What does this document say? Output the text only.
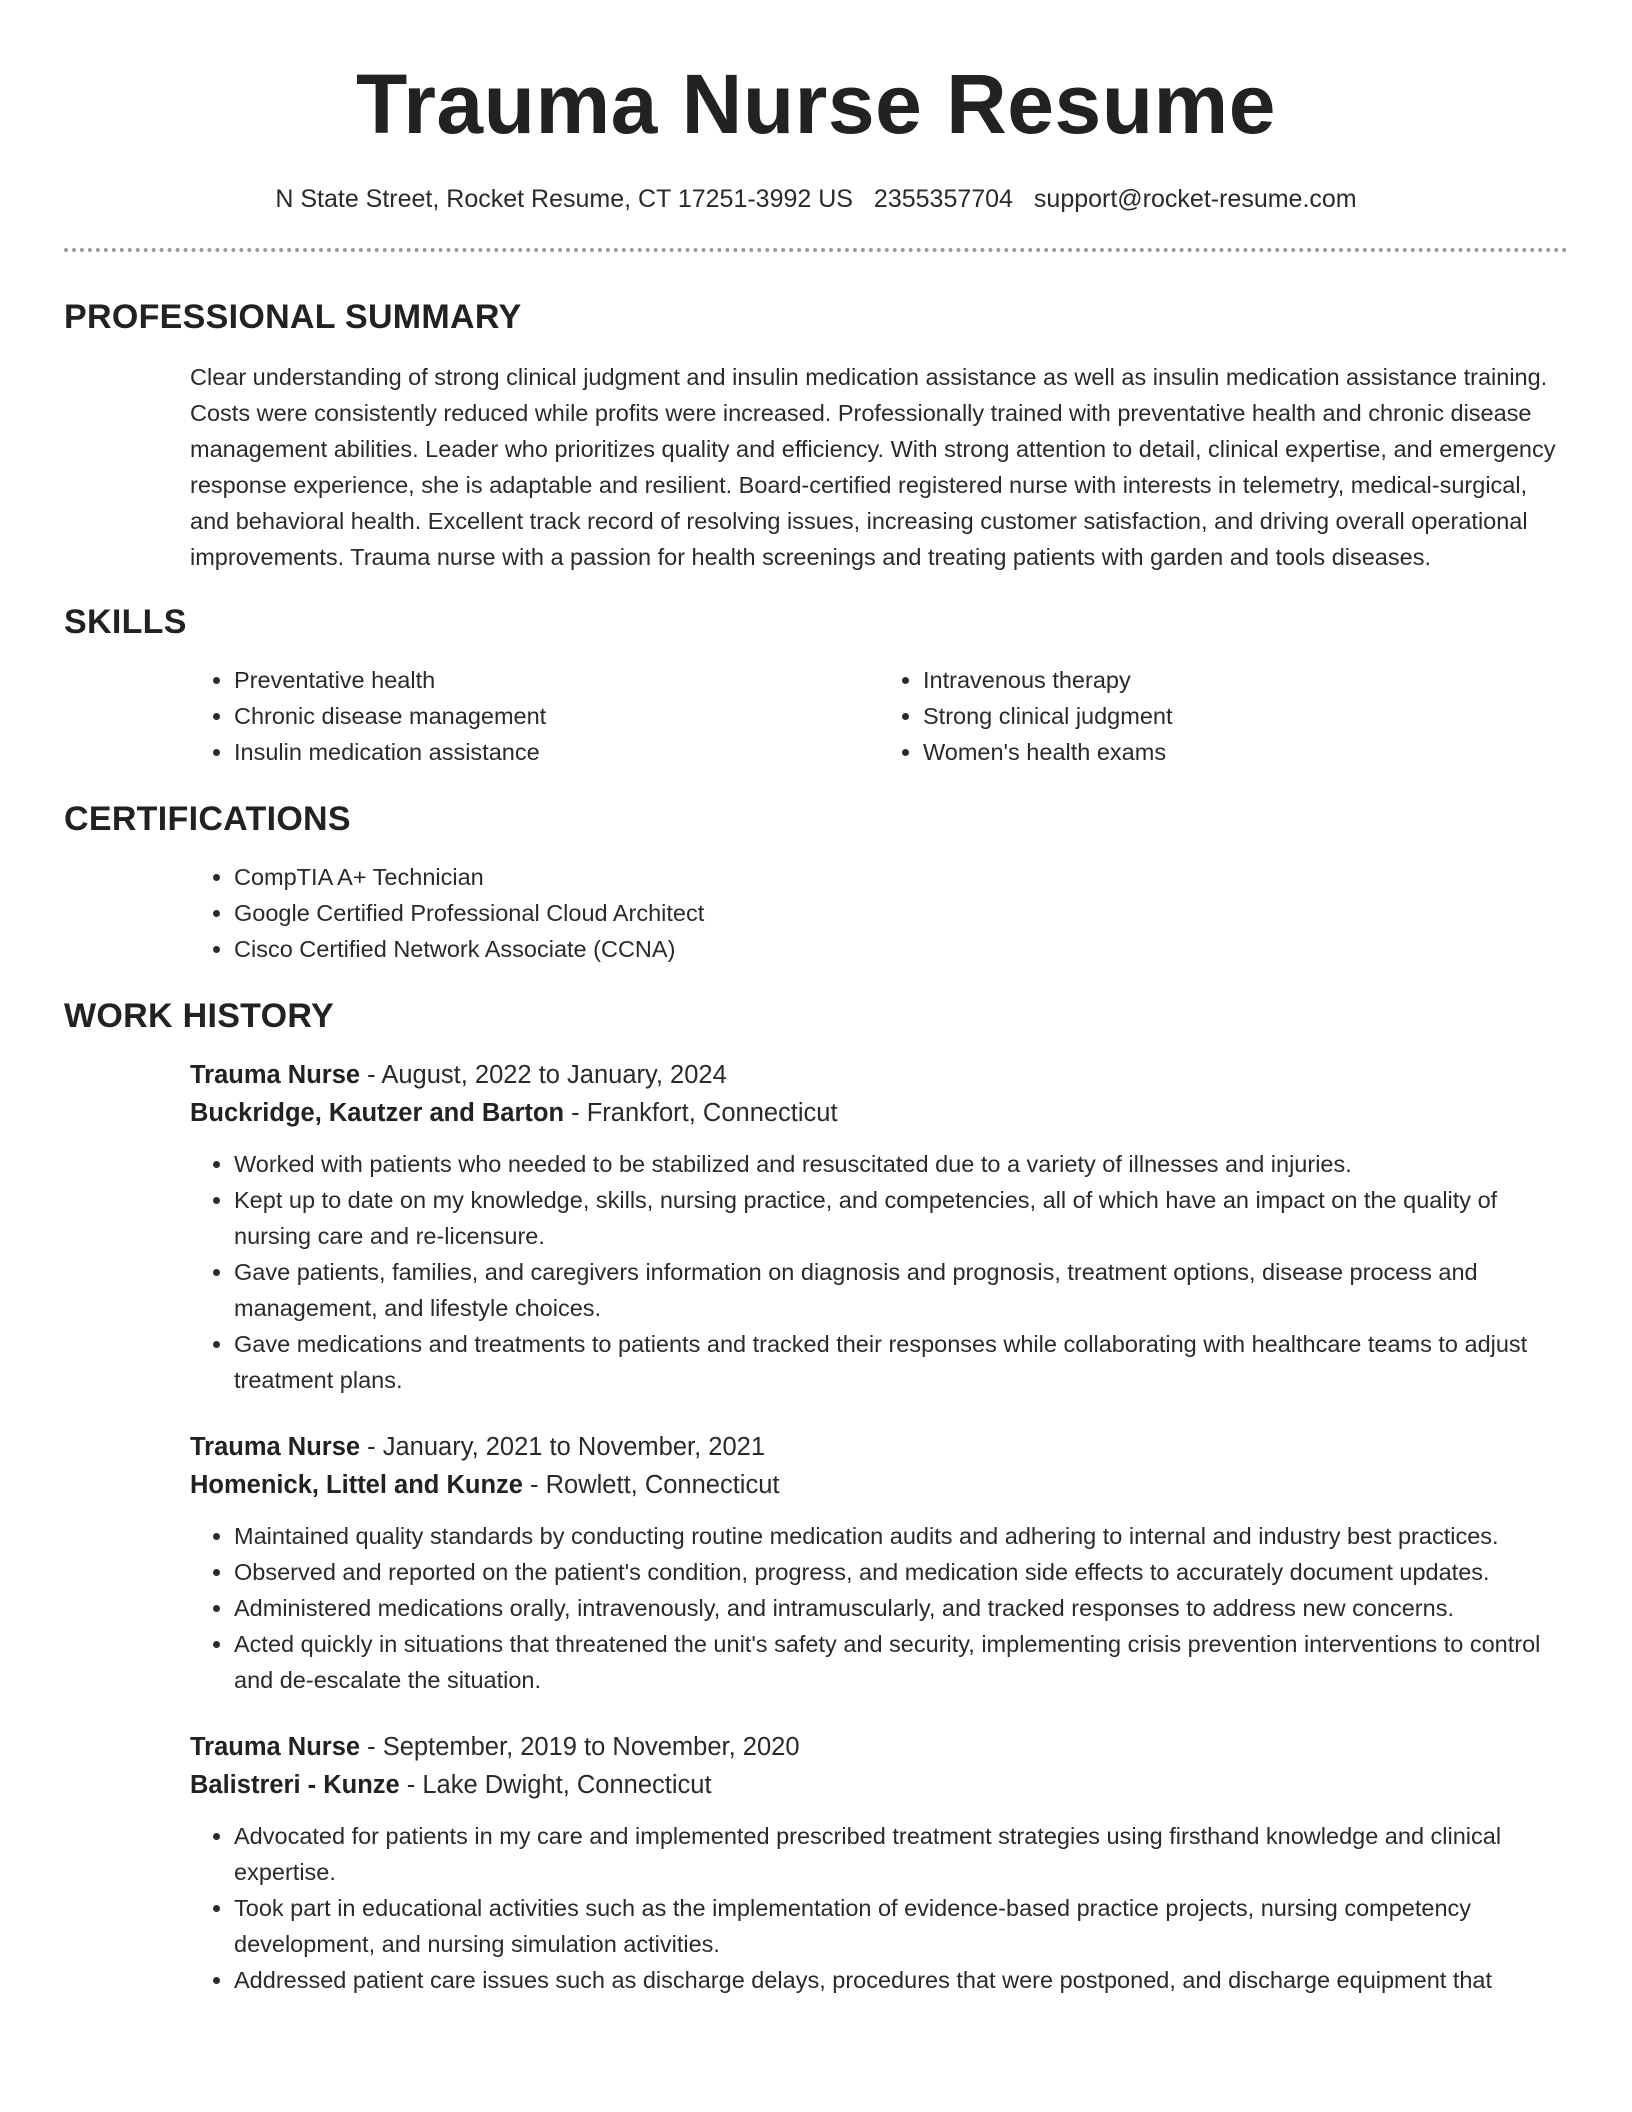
Trauma Nurse Resume
N State Street, Rocket Resume, CT 17251-3992 US 2355357704 support@rocket-resume.com
PROFESSIONAL SUMMARY

Clear understanding of strong clinical judgment and insulin medication assistance as well as insulin medication assistance training. Costs were consistently reduced while profits were increased. Professionally trained with preventative health and chronic disease management abilities. Leader who prioritizes quality and efficiency. With strong attention to detail, clinical expertise, and emergency response experience, she is adaptable and resilient. Board-certified registered nurse with interests in telemetry, medical-surgical, and behavioral health. Excellent track record of resolving issues, increasing customer satisfaction, and driving overall operational improvements. Trauma nurse with a passion for health screenings and treating patients with garden and tools diseases.

SKILLS
• Preventative health
• Chronic disease management
• Insulin medication assistance
• Intravenous therapy
• Strong clinical judgment
• Women's health exams
CERTIFICATIONS
• CompTIA A+ Technician
• Google Certified Professional Cloud Architect
• Cisco Certified Network Associate (CCNA)
WORK HISTORY
Trauma Nurse - August, 2022 to January, 2024
Buckridge, Kautzer and Barton - Frankfort, Connecticut
• Worked with patients who needed to be stabilized and resuscitated due to a variety of illnesses and injuries.
• Kept up to date on my knowledge, skills, nursing practice, and competencies, all of which have an impact on the quality of nursing care and re-licensure.
• Gave patients, families, and caregivers information on diagnosis and prognosis, treatment options, disease process and management, and lifestyle choices.
• Gave medications and treatments to patients and tracked their responses while collaborating with healthcare teams to adjust treatment plans.
Trauma Nurse - January, 2021 to November, 2021
Homenick, Littel and Kunze - Rowlett, Connecticut
• Maintained quality standards by conducting routine medication audits and adhering to internal and industry best practices.
• Observed and reported on the patient's condition, progress, and medication side effects to accurately document updates.
• Administered medications orally, intravenously, and intramuscularly, and tracked responses to address new concerns.
• Acted quickly in situations that threatened the unit's safety and security, implementing crisis prevention interventions to control and de-escalate the situation.
Trauma Nurse - September, 2019 to November, 2020
Balistreri - Kunze - Lake Dwight, Connecticut
• Advocated for patients in my care and implemented prescribed treatment strategies using firsthand knowledge and clinical expertise.
• Took part in educational activities such as the implementation of evidence-based practice projects, nursing competency development, and nursing simulation activities.
• Addressed patient care issues such as discharge delays, procedures that were postponed, and discharge equipment that
